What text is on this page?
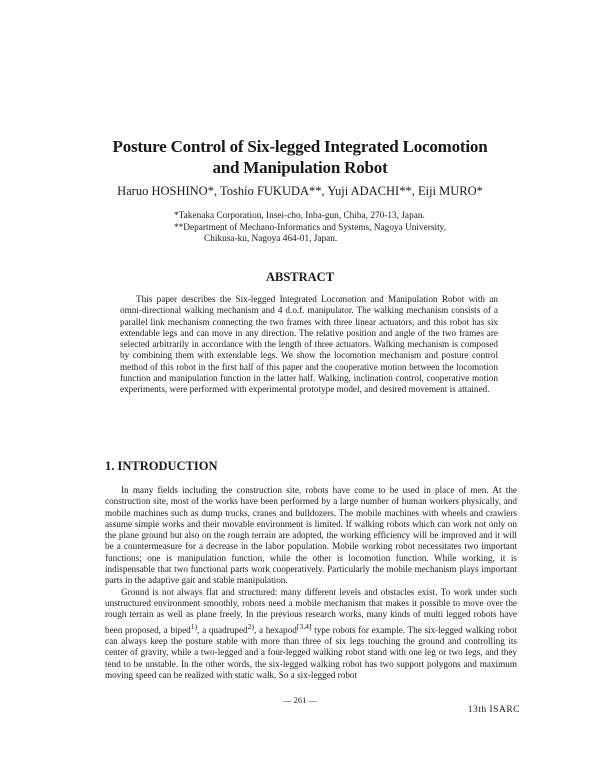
Posture Control of Six-legged Integrated Locomotion
and Manipulation Robot
Haruo HOSHINO*, Toshio FUKUDA**, Yuji ADACHI**, Eiji MURO*
*Takenaka Corporation, Insei-cho, Inba-gun, Chiba, 270-13, Japan.
**Department of Mechano-Informatics and Systems, Nagoya University,
Chikusa-ku, Nagoya 464-01, Japan.
ABSTRACT

This paper describes the Six-legged Integrated Locomotion and Manipulation Robot with an omni-directional walking mechanism and 4 d.o.f. manipulator. The walking mechanism consists of a parallel link mechanism connecting the two frames with three linear actuators, and this robot has six extendable legs and can move in any direction. The relative position and angle of the two frames are selected arbitrarily in accordance with the length of three actuators. Walking mechanism is composed by combining them with extendable legs. We show the locomotion mechanism and posture control method of this robot in the first half of this paper and the cooperative motion between the locomotion function and manipulation function in the latter half. Walking, inclination control, cooperative motion experiments, were performed with experimental prototype model, and desired movement is attained.

1. INTRODUCTION

In many fields including the construction site, robots have come to be used in place of men. At the construction site, most of the works have been performed by a large number of human workers physically, and mobile machines such as dump trucks, cranes and bulldozers. The mobile machines with wheels and crawlers assume simple works and their movable environment is limited. If walking robots which can work not only on the plane ground but also on the rough terrain are adopted, the working efficiency will be improved and it will be a countermeasure for a decrease in the labor population. Mobile working robot necessitates two important functions; one is manipulation function, while the other is locomotion function. While working, it is indispensable that two functional parts work cooperatively. Particularly the mobile mechanism plays important parts in the adaptive gait and stable manipulation.

Ground is not always flat and structured: many different levels and obstacles exist. To work under such unstructured environment smoothly, robots need a mobile mechanism that makes it possible to move over the rough terrain as well as plane freely. In the previous research works, many kinds of multi legged robots have been proposed, a biped$^{1)}$, a quadruped$^{2)}$, a hexapod[3,4] type robots for example. The six-legged walking robot can always keep the posture stable with more than three of six legs touching the ground and controlling its center of gravity, while a two-legged and a four-legged walking robot stand with one leg or two legs, and they tend to be unstable. In the other words, the six-legged walking robot has two support polygons and maximum moving speed can be realized with static walk. So a six-legged robot

— 261 —
13th ISARC
